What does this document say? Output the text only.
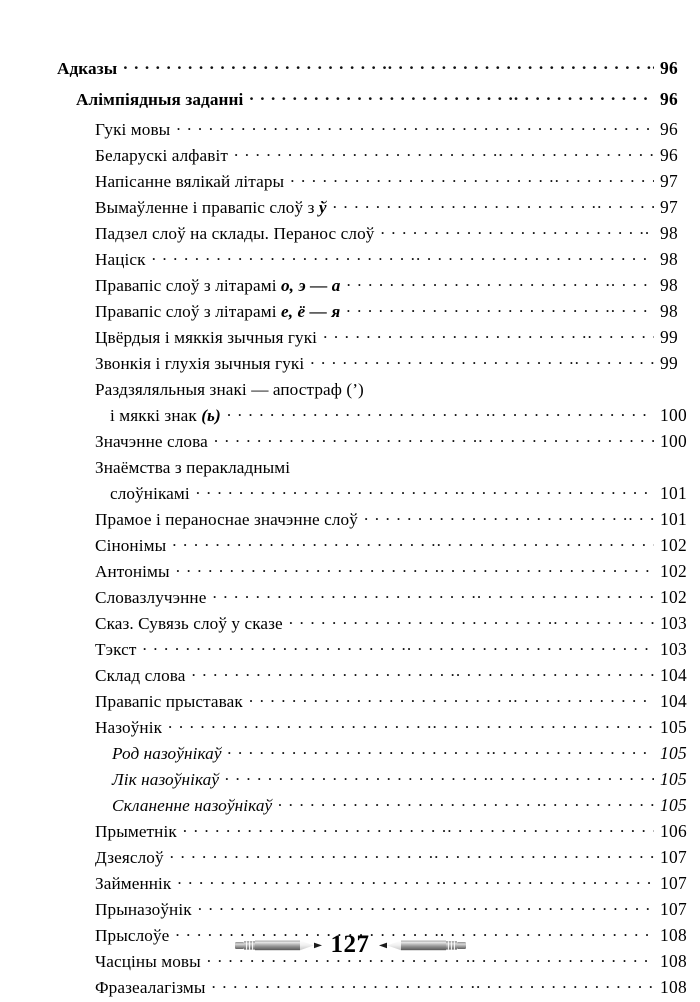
Адказы . .	96
Алімпіядныя заданні . .	96
Гукі мовы . .	96
Беларускі алфавіт . .	96
Напісанне вялікай літары . .	97
Вымаўленне і правапіс слоў з ў . .	97
Падзел слоў на склады. Перанос слоў . .	98
Націск . .	98
Правапіс слоў з літарамі о, э — а . .	98
Правапіс слоў з літарамі е, ё — я . .	98
Цвёрдыя і мяккія зычныя гукі . .	99
Звонкія і глухія зычныя гукі . .	99
Раздзяляльныя знакі — апостраф (’)
і мяккі знак (ь) . .	100
Значэнне слова . .	100
Знаёмства з перакладнымі
слоўнікамі . .	101
Прамое і пераноснае значэнне слоў . .	101
Сінонімы . .	102
Антонімы . .	102
Словазлучэнне . .	102
Сказ. Сувязь слоў у сказе . .	103
Тэкст . .	103
Склад слова . .	104
Правапіс прыставак . .	104
Назоўнік . .	105
Род назоўнікаў . .	105
Лік назоўнікаў . .	105
Скланенне назоўнікаў . .	105
Прыметнік . .	106
Дзеяслоў . .	107
Займеннік . .	107
Прыназоўнік . .	107
Прыслоўе . .	108
Часціны мовы . .	108
Фразеалагізмы . .	108
127
